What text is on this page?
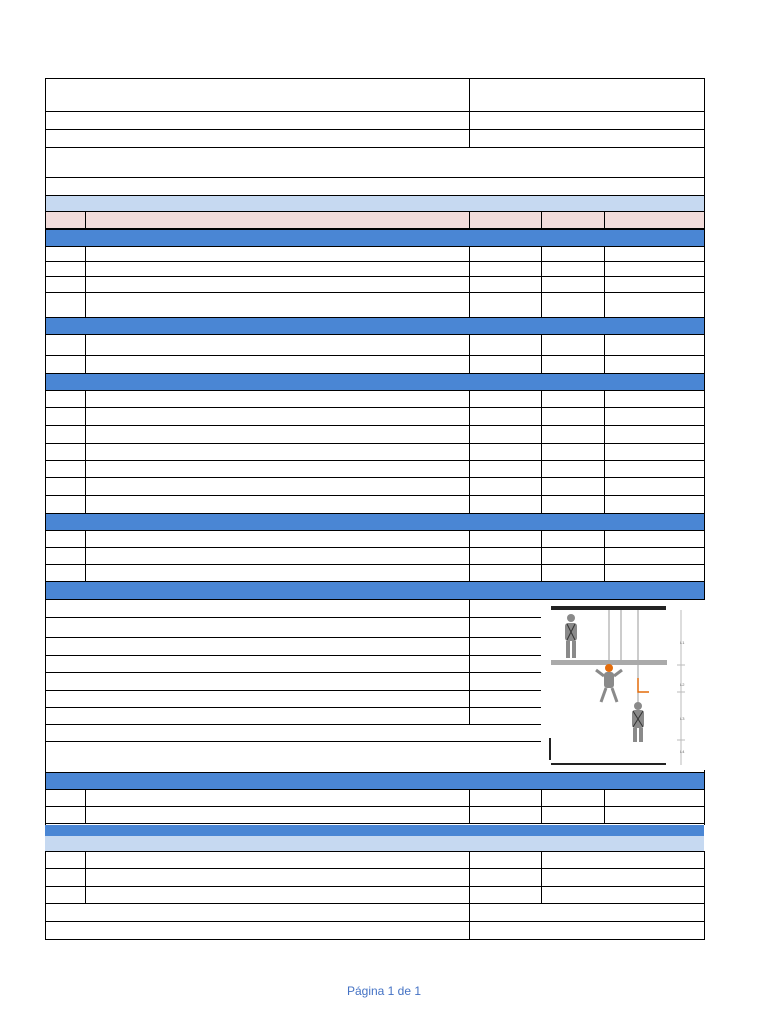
L1
L2
L3
L4
Página 1 de 1
